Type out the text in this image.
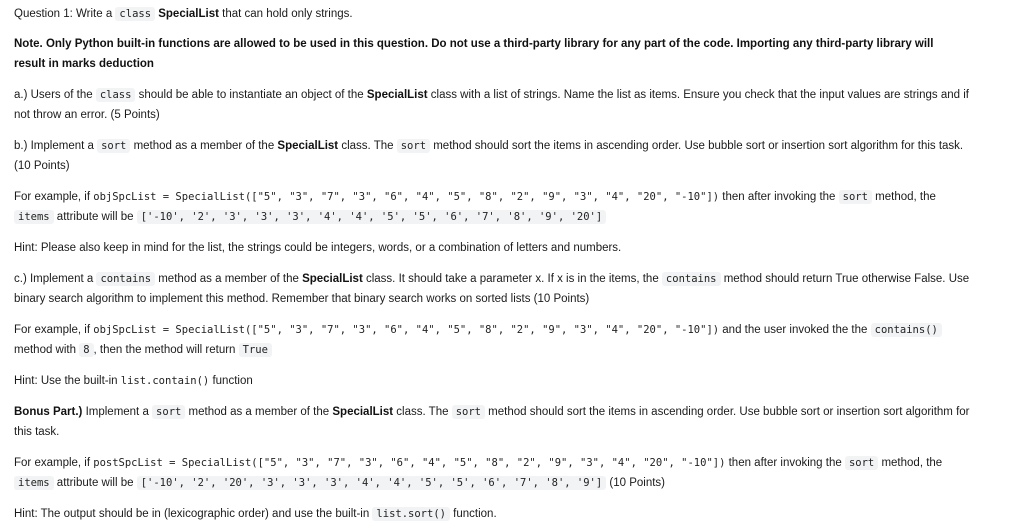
Question 1: Write a class SpecialList that can hold only strings.

Note. Only Python built-in functions are allowed to be used in this question. Do not use a third-party library for any part of the code. Importing any third-party library will
result in marks deduction

a.) Users of the class should be able to instantiate an object of the SpecialList class with a list of strings. Name the list as items. Ensure you check that the input values are strings and if
not throw an error. (5 Points)

b.) Implement a sort method as a member of the SpecialList class. The sort method should sort the items in ascending order. Use bubble sort or insertion sort algorithm for this task.
(10 Points)

For example, if objSpcList = SpecialList(["5", "3", "7", "3", "6", "4", "5", "8", "2", "9", "3", "4", "20", "-10"]) then after invoking the sort method, the
items attribute will be ['-10', '2', '3', '3', '3', '4', '4', '5', '5', '6', '7', '8', '9', '20']

Hint: Please also keep in mind for the list, the strings could be integers, words, or a combination of letters and numbers.

c.) Implement a contains method as a member of the SpecialList class. It should take a parameter x. If x is in the items, the contains method should return True otherwise False. Use
binary search algorithm to implement this method. Remember that binary search works on sorted lists (10 Points)

For example, if objSpcList = SpecialList(["5", "3", "7", "3", "6", "4", "5", "8", "2", "9", "3", "4", "20", "-10"]) and the user invoked the the contains()
method with 8 , then the method will return True

Hint: Use the built-in list.contain() function

Bonus Part.) Implement a sort method as a member of the SpecialList class. The sort method should sort the items in ascending order. Use bubble sort or insertion sort algorithm for
this task.

For example, if postSpcList = SpecialList(["5", "3", "7", "3", "6", "4", "5", "8", "2", "9", "3", "4", "20", "-10"]) then after invoking the sort method, the
items attribute will be ['-10', '2', '20', '3', '3', '3', '4', '4', '5', '5', '6', '7', '8', '9'] (10 Points)

Hint: The output should be in (lexicographic order) and use the built-in list.sort() function.
